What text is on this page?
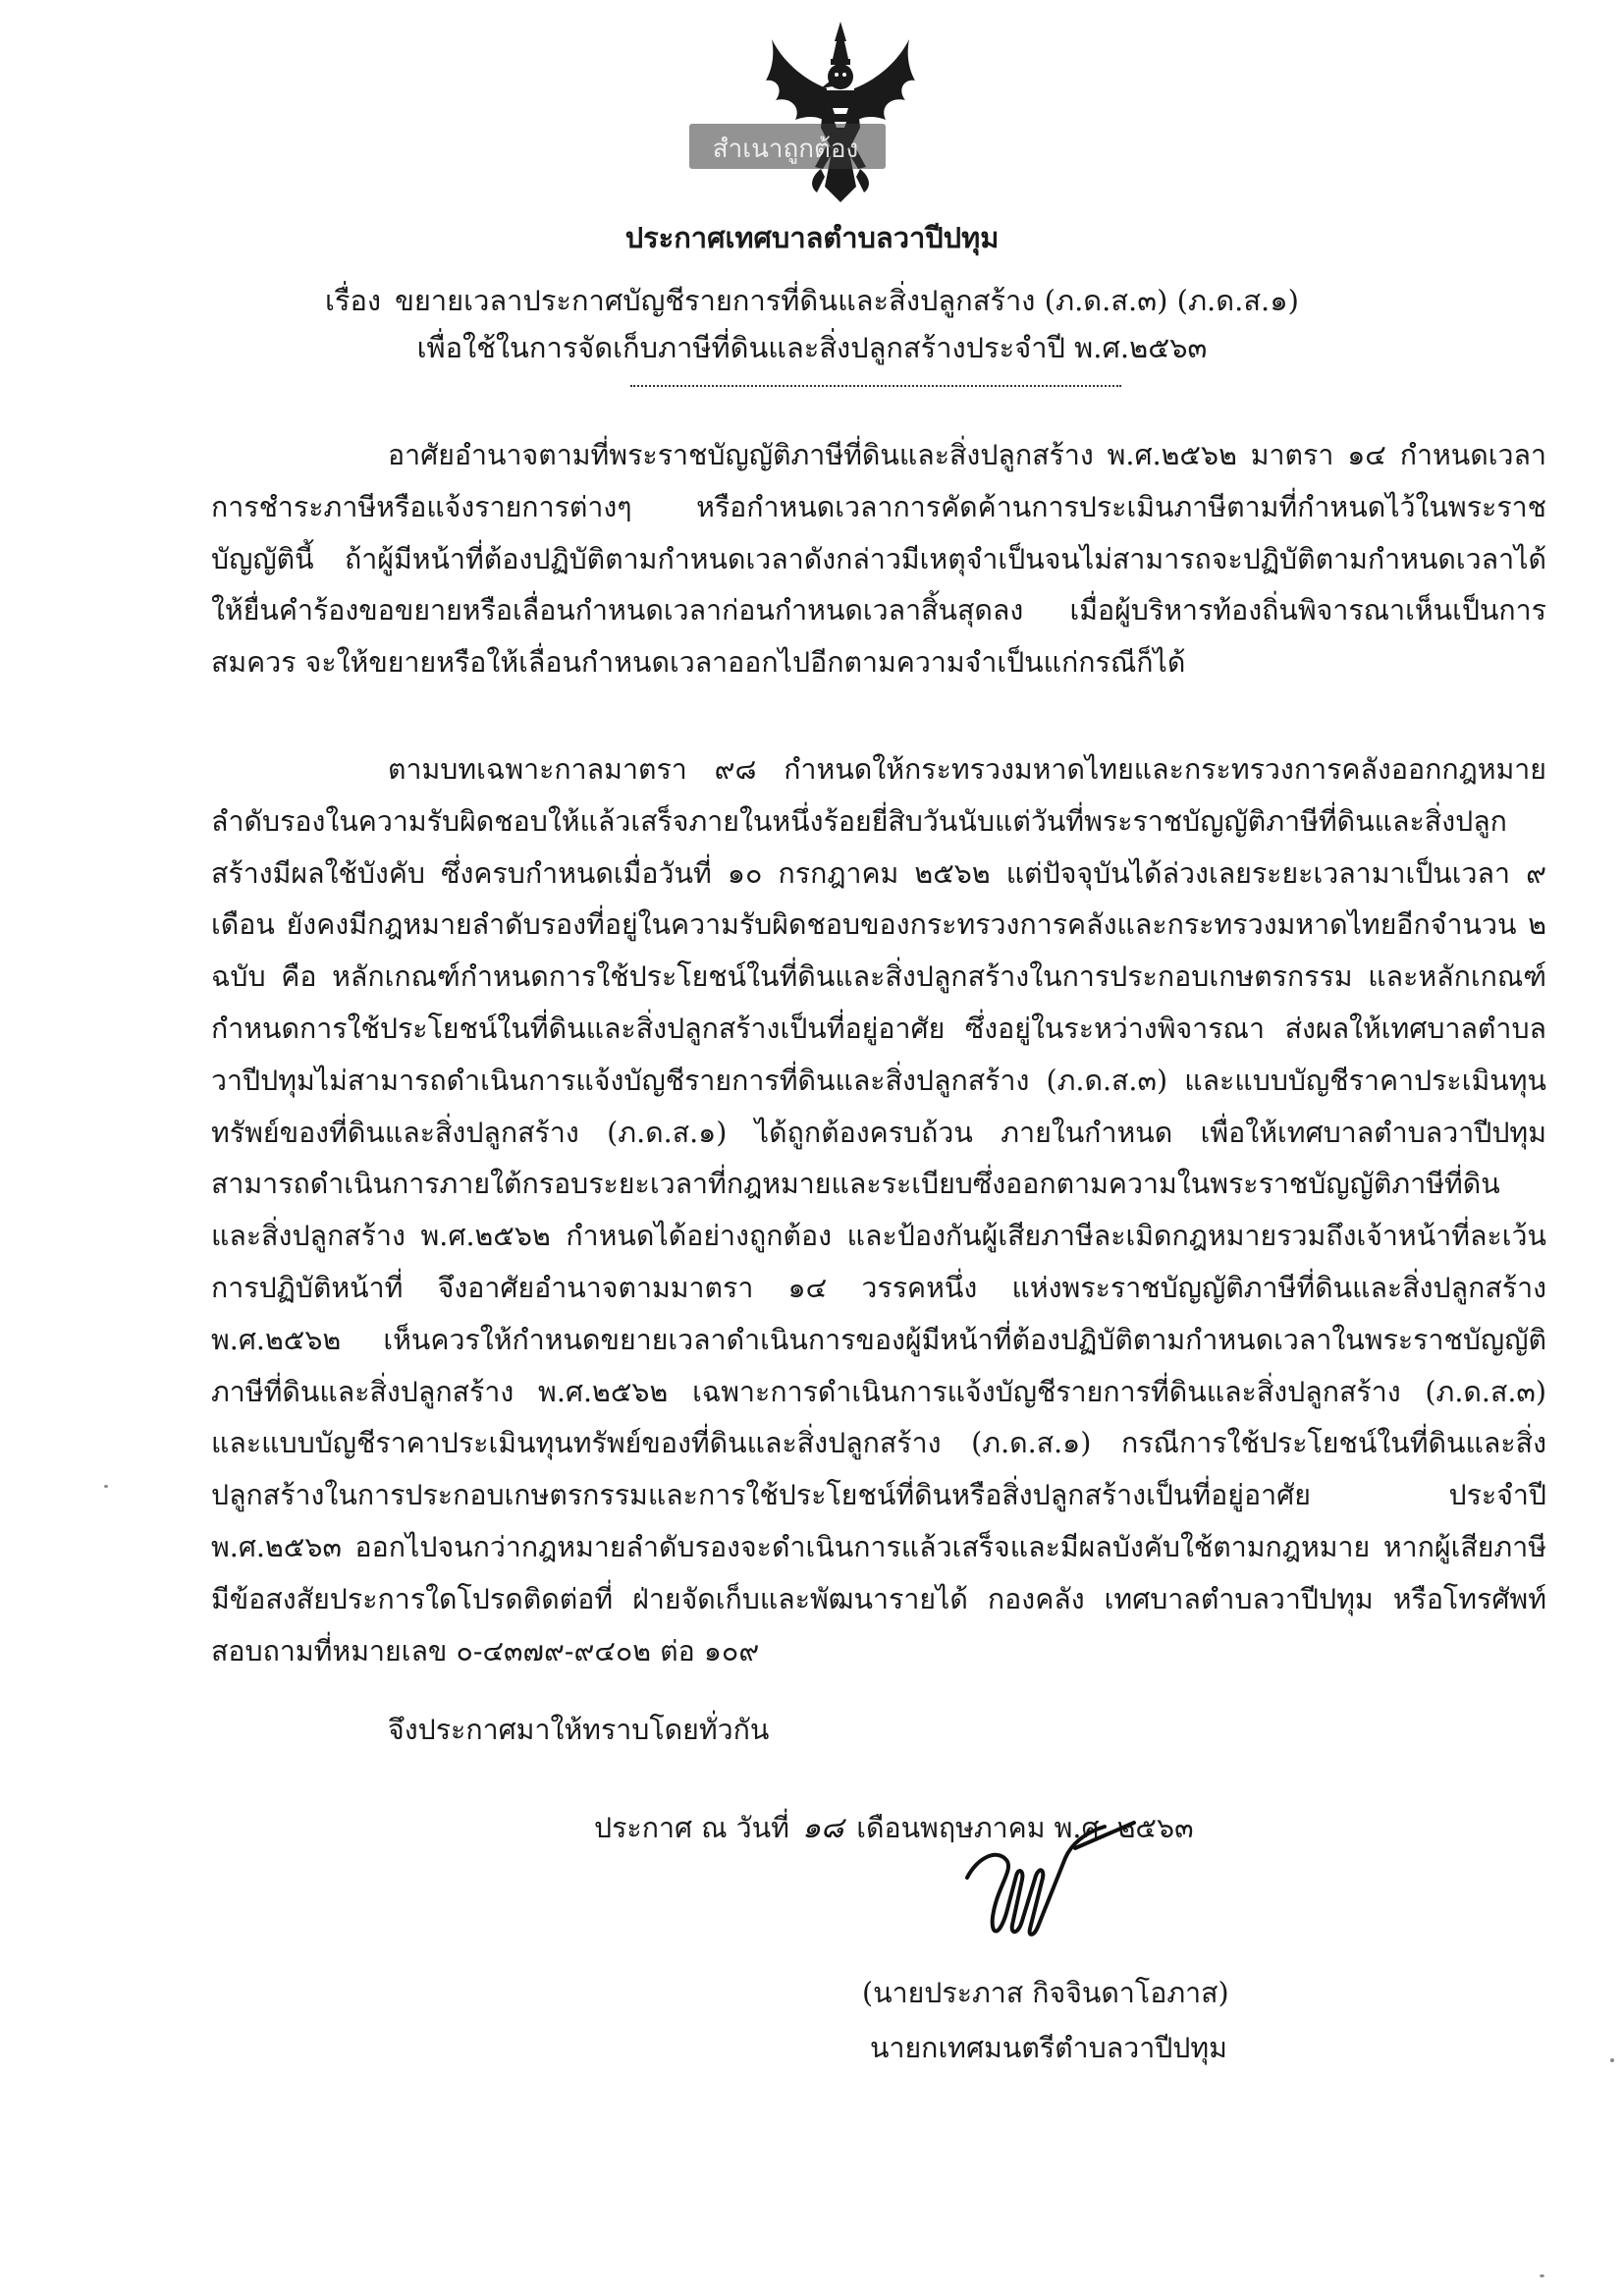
สำเนาถูกต้อง
ประกาศเทศบาลตำบลวาปีปทุม
เรื่อง ขยายเวลาประกาศบัญชีรายการที่ดินและสิ่งปลูกสร้าง (ภ.ด.ส.๓) (ภ.ด.ส.๑)
เพื่อใช้ในการจัดเก็บภาษีที่ดินและสิ่งปลูกสร้างประจำปี พ.ศ.๒๕๖๓

อาศัยอำนาจตามที่พระราชบัญญัติภาษีที่ดินและสิ่งปลูกสร้าง พ.ศ.๒๕๖๒ มาตรา ๑๔ กำหนดเวลาการชำระภาษีหรือแจ้งรายการต่างๆ หรือกำหนดเวลาการคัดค้านการประเมินภาษีตามที่กำหนดไว้ในพระราชบัญญัตินี้ ถ้าผู้มีหน้าที่ต้องปฏิบัติตามกำหนดเวลาดังกล่าวมีเหตุจำเป็นจนไม่สามารถจะปฏิบัติตามกำหนดเวลาได้ ให้ยื่นคำร้องขอขยายหรือเลื่อนกำหนดเวลาก่อนกำหนดเวลาสิ้นสุดลง เมื่อผู้บริหารท้องถิ่นพิจารณาเห็นเป็นการสมควร จะให้ขยายหรือให้เลื่อนกำหนดเวลาออกไปอีกตามความจำเป็นแก่กรณีก็ได้

ตามบทเฉพาะกาลมาตรา ๙๘ กำหนดให้กระทรวงมหาดไทยและกระทรวงการคลังออกกฎหมายลำดับรองในความรับผิดชอบให้แล้วเสร็จภายในหนึ่งร้อยยี่สิบวันนับแต่วันที่พระราชบัญญัติภาษีที่ดินและสิ่งปลูกสร้างมีผลใช้บังคับ ซึ่งครบกำหนดเมื่อวันที่ ๑๐ กรกฎาคม ๒๕๖๒ แต่ปัจจุบันได้ล่วงเลยระยะเวลามาเป็นเวลา ๙ เดือน ยังคงมีกฎหมายลำดับรองที่อยู่ในความรับผิดชอบของกระทรวงการคลังและกระทรวงมหาดไทยอีกจำนวน ๒ ฉบับ คือ หลักเกณฑ์กำหนดการใช้ประโยชน์ในที่ดินและสิ่งปลูกสร้างในการประกอบเกษตรกรรม และหลักเกณฑ์กำหนดการใช้ประโยชน์ในที่ดินและสิ่งปลูกสร้างเป็นที่อยู่อาศัย ซึ่งอยู่ในระหว่างพิจารณา ส่งผลให้เทศบาลตำบลวาปีปทุมไม่สามารถดำเนินการแจ้งบัญชีรายการที่ดินและสิ่งปลูกสร้าง (ภ.ด.ส.๓) และแบบบัญชีราคาประเมินทุนทรัพย์ของที่ดินและสิ่งปลูกสร้าง (ภ.ด.ส.๑) ได้ถูกต้องครบถ้วน ภายในกำหนด เพื่อให้เทศบาลตำบลวาปีปทุม สามารถดำเนินการภายใต้กรอบระยะเวลาที่กฎหมายและระเบียบซึ่งออกตามความในพระราชบัญญัติภาษีที่ดินและสิ่งปลูกสร้าง พ.ศ.๒๕๖๒ กำหนดได้อย่างถูกต้อง และป้องกันผู้เสียภาษีละเมิดกฎหมายรวมถึงเจ้าหน้าที่ละเว้นการปฏิบัติหน้าที่ จึงอาศัยอำนาจตามมาตรา ๑๔ วรรคหนึ่ง แห่งพระราชบัญญัติภาษีที่ดินและสิ่งปลูกสร้าง พ.ศ.๒๕๖๒ เห็นควรให้กำหนดขยายเวลาดำเนินการของผู้มีหน้าที่ต้องปฏิบัติตามกำหนดเวลาในพระราชบัญญัติภาษีที่ดินและสิ่งปลูกสร้าง พ.ศ.๒๕๖๒ เฉพาะการดำเนินการแจ้งบัญชีรายการที่ดินและสิ่งปลูกสร้าง (ภ.ด.ส.๓) และแบบบัญชีราคาประเมินทุนทรัพย์ของที่ดินและสิ่งปลูกสร้าง (ภ.ด.ส.๑) กรณีการใช้ประโยชน์ในที่ดินและสิ่งปลูกสร้างในการประกอบเกษตรกรรมและการใช้ประโยชน์ที่ดินหรือสิ่งปลูกสร้างเป็นที่อยู่อาศัย ประจำปี พ.ศ.๒๕๖๓ ออกไปจนกว่ากฎหมายลำดับรองจะดำเนินการแล้วเสร็จและมีผลบังคับใช้ตามกฎหมาย หากผู้เสียภาษีมีข้อสงสัยประการใดโปรดติดต่อที่ ฝ่ายจัดเก็บและพัฒนารายได้ กองคลัง เทศบาลตำบลวาปีปทุม หรือโทรศัพท์สอบถามที่หมายเลข ๐-๔๓๗๙-๙๔๐๒ ต่อ ๑๐๙

จึงประกาศมาให้ทราบโดยทั่วกัน
ประกาศ ณ วันที่ ๑๘ เดือนพฤษภาคม พ.ศ. ๒๕๖๓
(นายประภาส กิจจินดาโอภาส)
นายกเทศมนตรีตำบลวาปีปทุม
